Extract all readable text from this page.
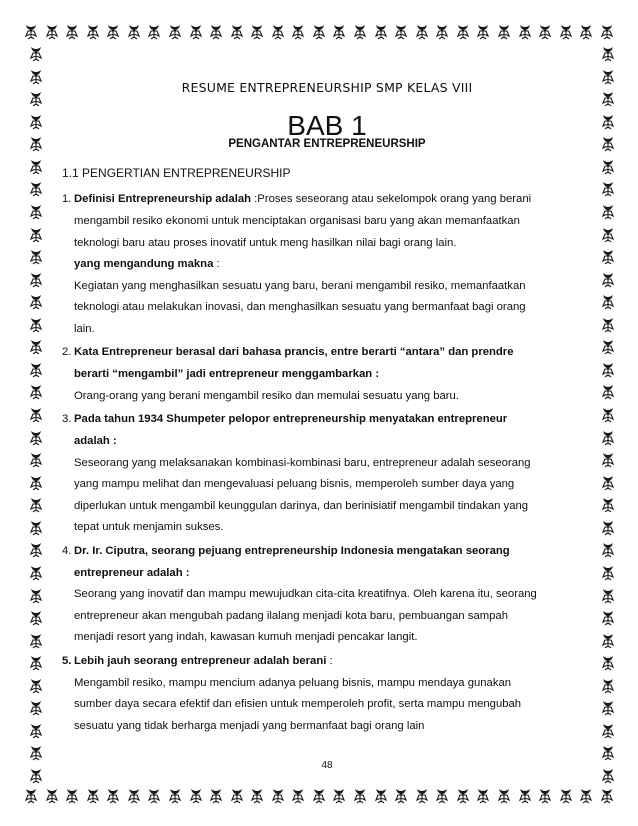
RESUME ENTREPRENEURSHIP SMP KELAS VIII
BAB 1
PENGANTAR ENTREPRENEURSHIP
1.1 PENGERTIAN ENTREPRENEURSHIP
1. Definisi Entrepreneurship adalah :Proses seseorang atau sekelompok orang yang berani
mengambil resiko ekonomi untuk menciptakan organisasi baru yang akan memanfaatkan
teknologi baru atau proses inovatif untuk meng hasilkan nilai bagi orang lain.
yang mengandung makna :
Kegiatan yang menghasilkan sesuatu yang baru, berani mengambil resiko, memanfaatkan
teknologi atau melakukan inovasi, dan menghasilkan sesuatu yang bermanfaat bagi orang
lain.
2. Kata Entrepreneur berasal dari bahasa prancis, entre berarti “antara” dan prendre
berarti “mengambil” jadi entrepreneur menggambarkan :
Orang-orang yang berani mengambil resiko dan memulai sesuatu yang baru.
3. Pada tahun 1934 Shumpeter pelopor entrepreneurship menyatakan entrepreneur
adalah :
Seseorang yang melaksanakan kombinasi-kombinasi baru, entrepreneur adalah seseorang
yang mampu melihat dan mengevaluasi peluang bisnis, memperoleh sumber daya yang
diperlukan untuk mengambil keunggulan darinya, dan berinisiatif mengambil tindakan yang
tepat untuk menjamin sukses.
4. Dr. Ir. Ciputra, seorang pejuang entrepreneurship Indonesia mengatakan seorang
entrepreneur adalah :
Seorang yang inovatif dan mampu mewujudkan cita-cita kreatifnya. Oleh karena itu, seorang
entrepreneur akan mengubah padang ilalang menjadi kota baru, pembuangan sampah
menjadi resort yang indah, kawasan kumuh menjadi pencakar langit.
5. Lebih jauh seorang entrepreneur adalah berani :
Mengambil resiko, mampu mencium adanya peluang bisnis, mampu mendaya gunakan
sumber daya secara efektif dan efisien untuk memperoleh profit, serta mampu mengubah
sesuatu yang tidak berharga menjadi yang bermanfaat bagi orang lain
48
